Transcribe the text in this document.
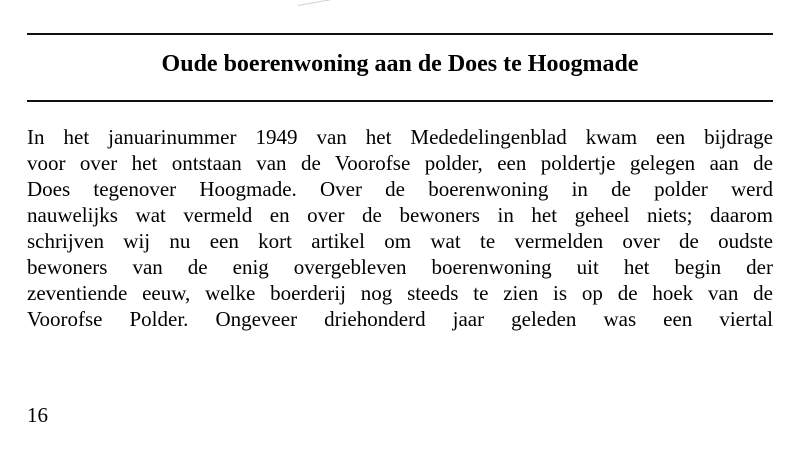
Oude boerenwoning aan de Does te Hoogmade
In het januarinummer 1949 van het Mededelingenblad kwam een bijdrage
voor over het ontstaan van de Voorofse polder, een poldertje gelegen aan de
Does tegenover Hoogmade. Over de boerenwoning in de polder werd
nauwelijks wat vermeld en over de bewoners in het geheel niets; daarom
schrijven wij nu een kort artikel om wat te vermelden over de oudste
bewoners van de enig overgebleven boerenwoning uit het begin der
zeventiende eeuw, welke boerderij nog steeds te zien is op de hoek van de
Voorofse Polder. Ongeveer driehonderd jaar geleden was een viertal
16
